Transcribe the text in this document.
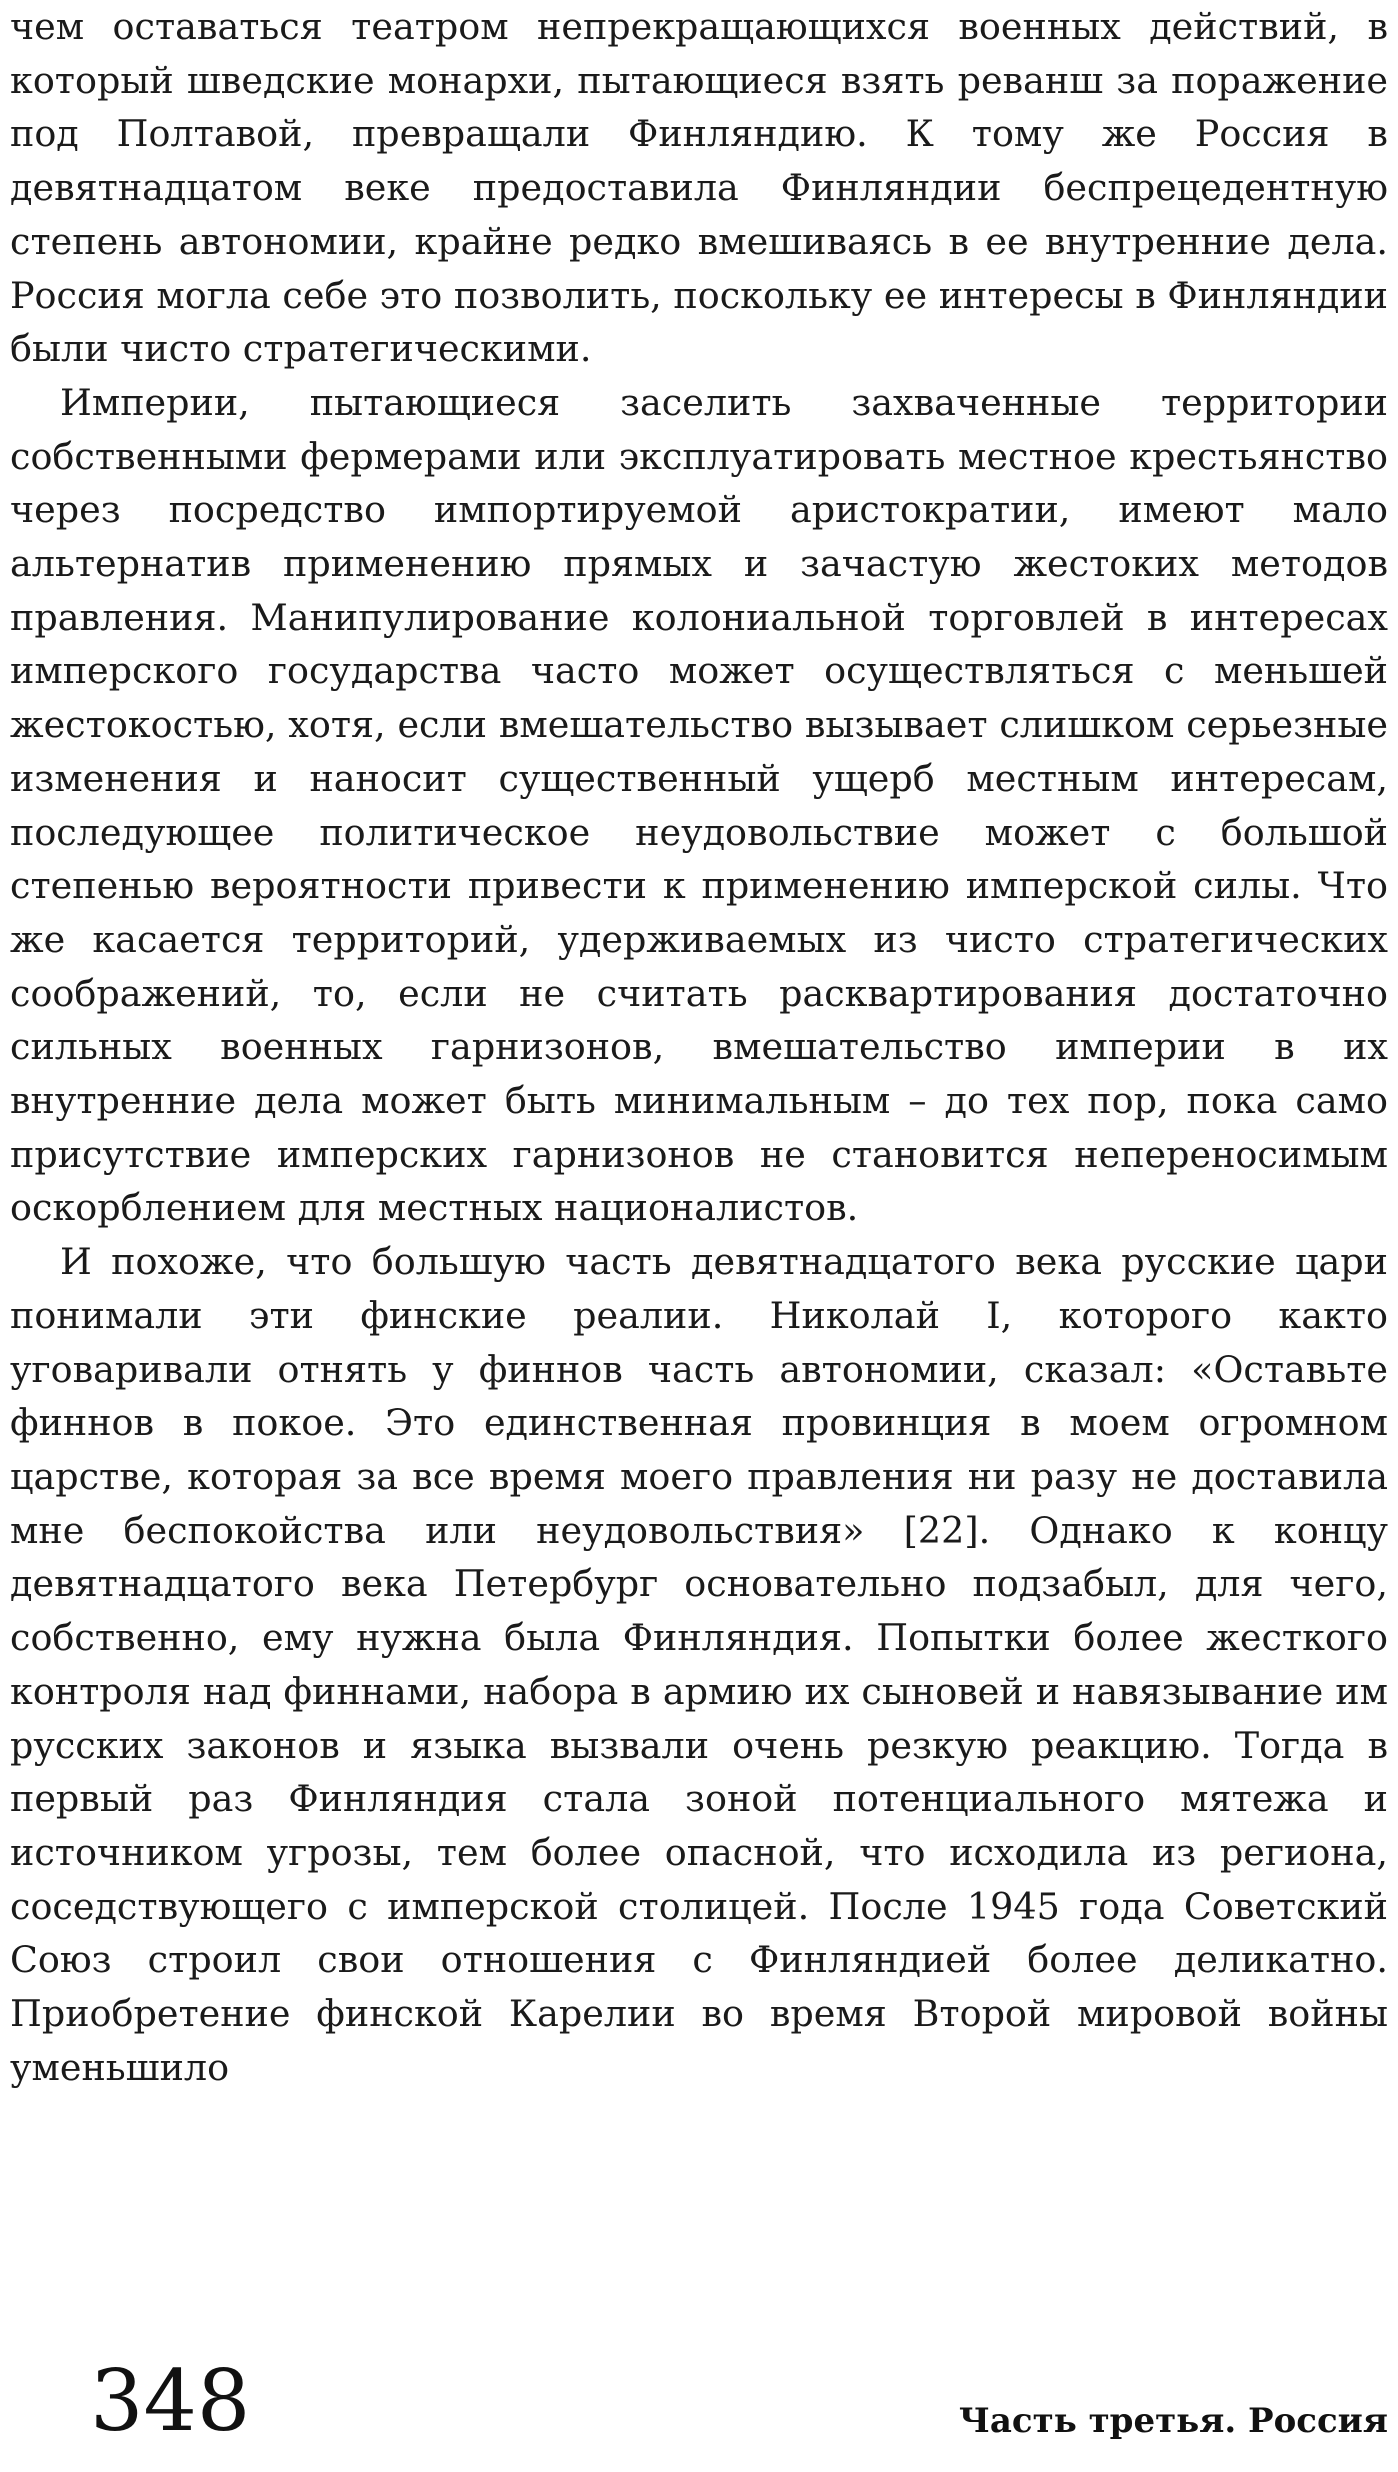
чем оставаться театром непрекращающихся военных действий, в который шведские монархи, пытающиеся взять реванш за поражение под Полтавой, превращали Финляндию. К тому же Россия в девятнадцатом веке предоставила Финляндии беспрецедентную степень автономии, крайне редко вмешиваясь в ее внутренние дела. Россия могла себе это позволить, поскольку ее интересы в Финляндии были чисто стратегическими.

Империи, пытающиеся заселить захваченные территории собственными фермерами или эксплуатировать местное крестьянство через посредство импортируемой аристократии, имеют мало альтернатив применению прямых и зачастую жестоких методов правления. Манипулирование колониальной торговлей в интересах имперского государства часто может осуществляться с меньшей жестокостью, хотя, если вмешательство вызывает слишком серьезные изменения и наносит существенный ущерб местным интересам, последующее политическое неудовольствие может с большой степенью вероятности привести к применению имперской силы. Что же касается территорий, удерживаемых из чисто стратегических соображений, то, если не считать расквартирования достаточно сильных военных гарнизонов, вмешательство империи в их внутренние дела может быть минимальным – до тех пор, пока само присутствие имперских гарнизонов не становится непереносимым оскорблением для местных националистов.

И похоже, что большую часть девятнадцатого века русские цари понимали эти финские реалии. Николай I, которого както уговаривали отнять у финнов часть автономии, сказал: «Оставьте финнов в покое. Это единственная провинция в моем огромном царстве, которая за все время моего правления ни разу не доставила мне беспокойства или неудовольствия» [22]. Однако к концу девятнадцатого века Петербург основательно подзабыл, для чего, собственно, ему нужна была Финляндия. Попытки более жесткого контроля над финнами, набора в армию их сыновей и навязывание им русских законов и языка вызвали очень резкую реакцию. Тогда в первый раз Финляндия стала зоной потенциального мятежа и источником угрозы, тем более опасной, что исходила из региона, соседствующего с имперской столицей. После 1945 года Советский Союз строил свои отношения с Финляндией более деликатно. Приобретение финской Карелии во время Второй мировой войны уменьшило

348	Часть третья. Россия
